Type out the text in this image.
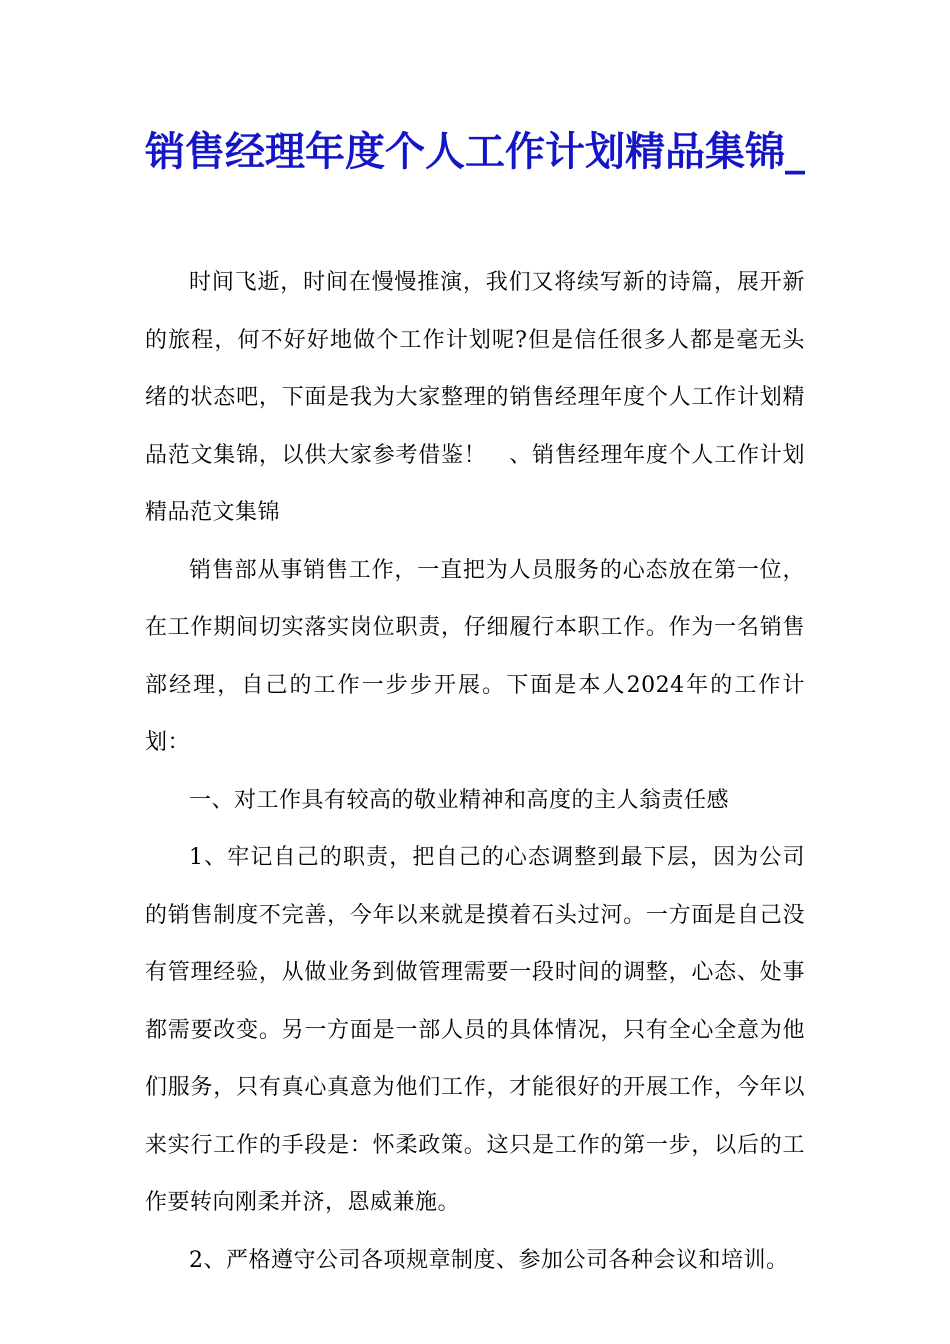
销售经理年度个人工作计划精品集锦_

时间飞逝，时间在慢慢推演，我们又将续写新的诗篇，展开新的旅程，何不好好地做个工作计划呢?但是信任很多人都是毫无头绪的状态吧，下面是我为大家整理的销售经理年度个人工作计划精品范文集锦，以供大家参考借鉴！　、销售经理年度个人工作计划精品范文集锦

销售部从事销售工作，一直把为人员服务的心态放在第一位，在工作期间切实落实岗位职责，仔细履行本职工作。作为一名销售部经理，自己的工作一步步开展。下面是本人2024年的工作计划：

一、对工作具有较高的敬业精神和高度的主人翁责任感

1、牢记自己的职责，把自己的心态调整到最下层，因为公司的销售制度不完善，今年以来就是摸着石头过河。一方面是自己没有管理经验，从做业务到做管理需要一段时间的调整，心态、处事都需要改变。另一方面是一部人员的具体情况，只有全心全意为他们服务，只有真心真意为他们工作，才能很好的开展工作，今年以来实行工作的手段是：怀柔政策。这只是工作的第一步，以后的工作要转向刚柔并济，恩威兼施。

2、严格遵守公司各项规章制度、参加公司各种会议和培训。
